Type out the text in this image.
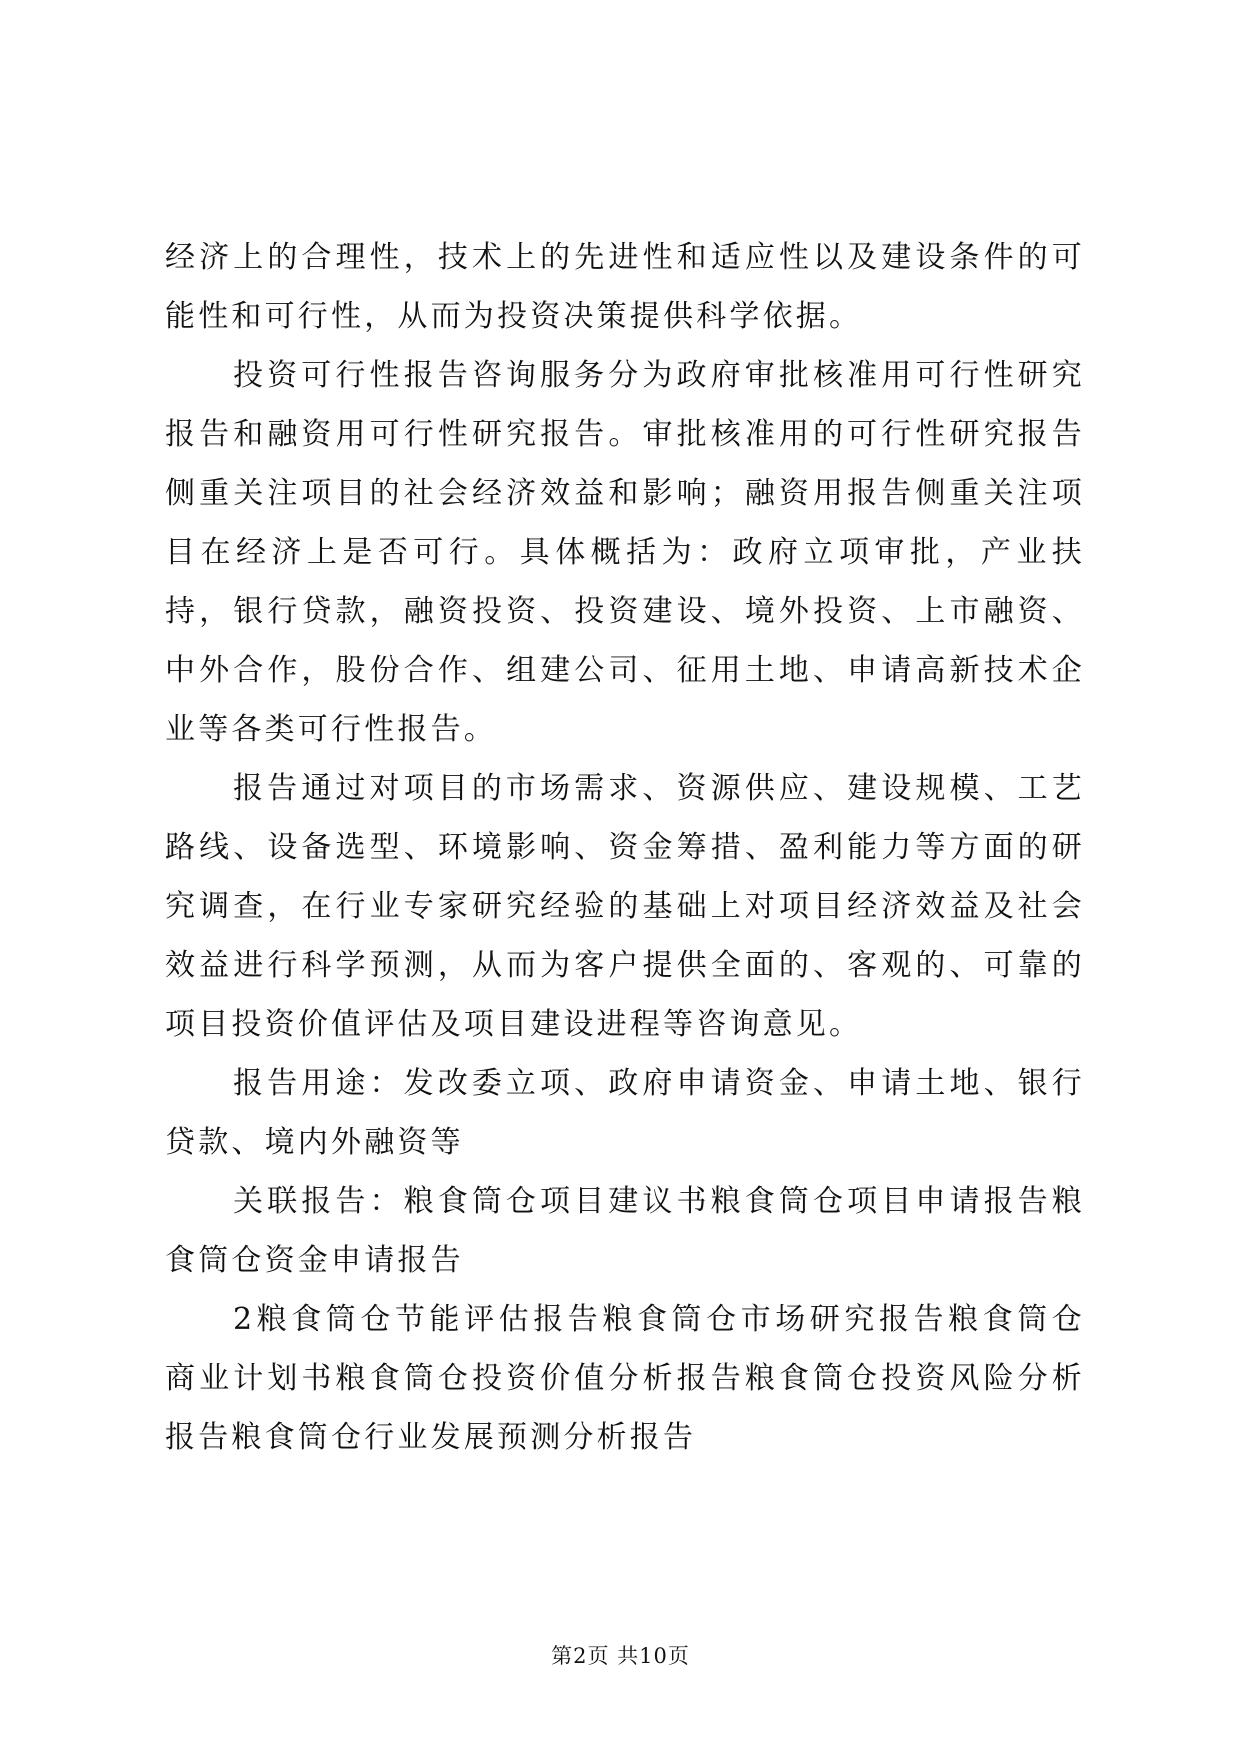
经济上的合理性，技术上的先进性和适应性以及建设条件的可能性和可行性，从而为投资决策提供科学依据。

投资可行性报告咨询服务分为政府审批核准用可行性研究报告和融资用可行性研究报告。审批核准用的可行性研究报告侧重关注项目的社会经济效益和影响；融资用报告侧重关注项目在经济上是否可行。具体概括为：政府立项审批，产业扶持，银行贷款，融资投资、投资建设、境外投资、上市融资、中外合作，股份合作、组建公司、征用土地、申请高新技术企业等各类可行性报告。

报告通过对项目的市场需求、资源供应、建设规模、工艺路线、设备选型、环境影响、资金筹措、盈利能力等方面的研究调查，在行业专家研究经验的基础上对项目经济效益及社会效益进行科学预测，从而为客户提供全面的、客观的、可靠的项目投资价值评估及项目建设进程等咨询意见。

报告用途：发改委立项、政府申请资金、申请土地、银行贷款、境内外融资等

关联报告：粮食筒仓项目建议书粮食筒仓项目申请报告粮食筒仓资金申请报告

2粮食筒仓节能评估报告粮食筒仓市场研究报告粮食筒仓商业计划书粮食筒仓投资价值分析报告粮食筒仓投资风险分析报告粮食筒仓行业发展预测分析报告

第2页 共10页
